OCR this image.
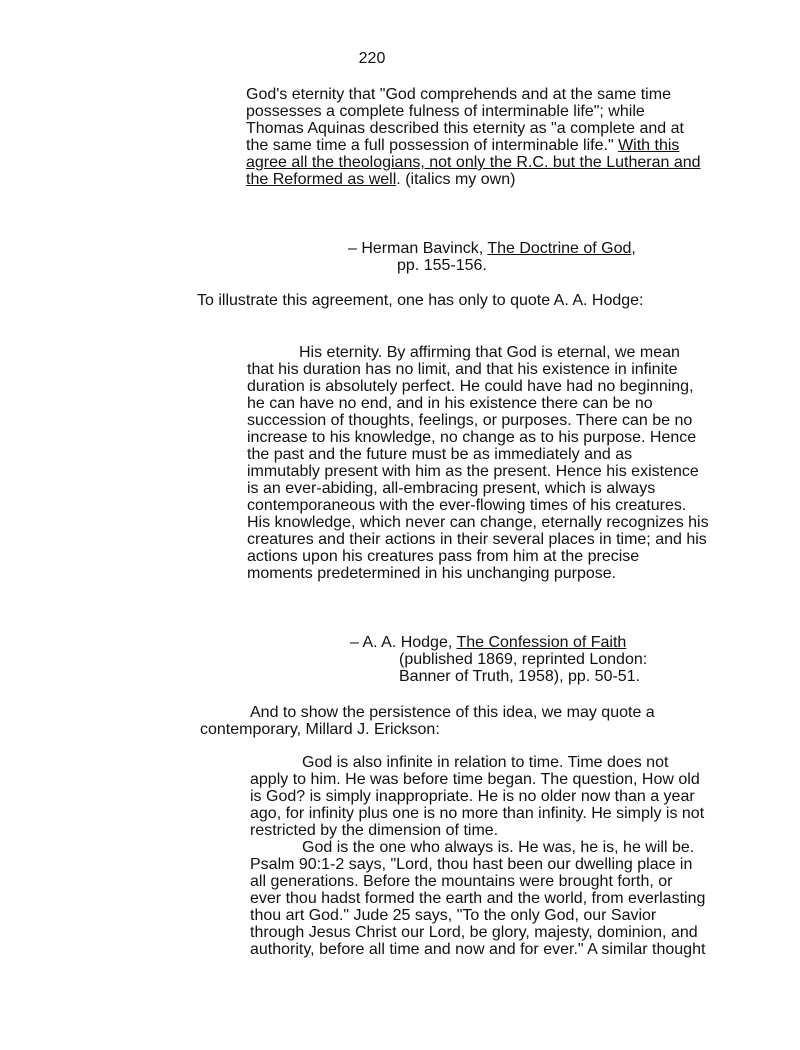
220
God's eternity that "God comprehends and at the same time possesses a complete fulness of interminable life"; while Thomas Aquinas described this eternity as "a complete and at the same time a full possession of interminable life." With this agree all the theologians, not only the R.C. but the Lutheran and the Reformed as well. (italics my own)
– Herman Bavinck, The Doctrine of God,
pp. 155-156.
To illustrate this agreement, one has only to quote A. A. Hodge:
His eternity. By affirming that God is eternal, we mean that his duration has no limit, and that his existence in infinite duration is absolutely perfect. He could have had no beginning, he can have no end, and in his existence there can be no succession of thoughts, feelings, or purposes. There can be no increase to his knowledge, no change as to his purpose. Hence the past and the future must be as immediately and as immutably present with him as the present. Hence his existence is an ever-abiding, all-embracing present, which is always contemporaneous with the ever-flowing times of his creatures. His knowledge, which never can change, eternally recognizes his creatures and their actions in their several places in time; and his actions upon his creatures pass from him at the precise moments predetermined in his unchanging purpose.
– A. A. Hodge, The Confession of Faith
(published 1869, reprinted London:
Banner of Truth, 1958), pp. 50-51.
And to show the persistence of this idea, we may quote a contemporary, Millard J. Erickson:

God is also infinite in relation to time. Time does not apply to him. He was before time began. The question, How old is God? is simply inappropriate. He is no older now than a year ago, for infinity plus one is no more than infinity. He simply is not restricted by the dimension of time.

God is the one who always is. He was, he is, he will be. Psalm 90:1-2 says, "Lord, thou hast been our dwelling place in all generations. Before the mountains were brought forth, or ever thou hadst formed the earth and the world, from everlasting thou art God." Jude 25 says, "To the only God, our Savior through Jesus Christ our Lord, be glory, majesty, dominion, and authority, before all time and now and for ever." A similar thought
